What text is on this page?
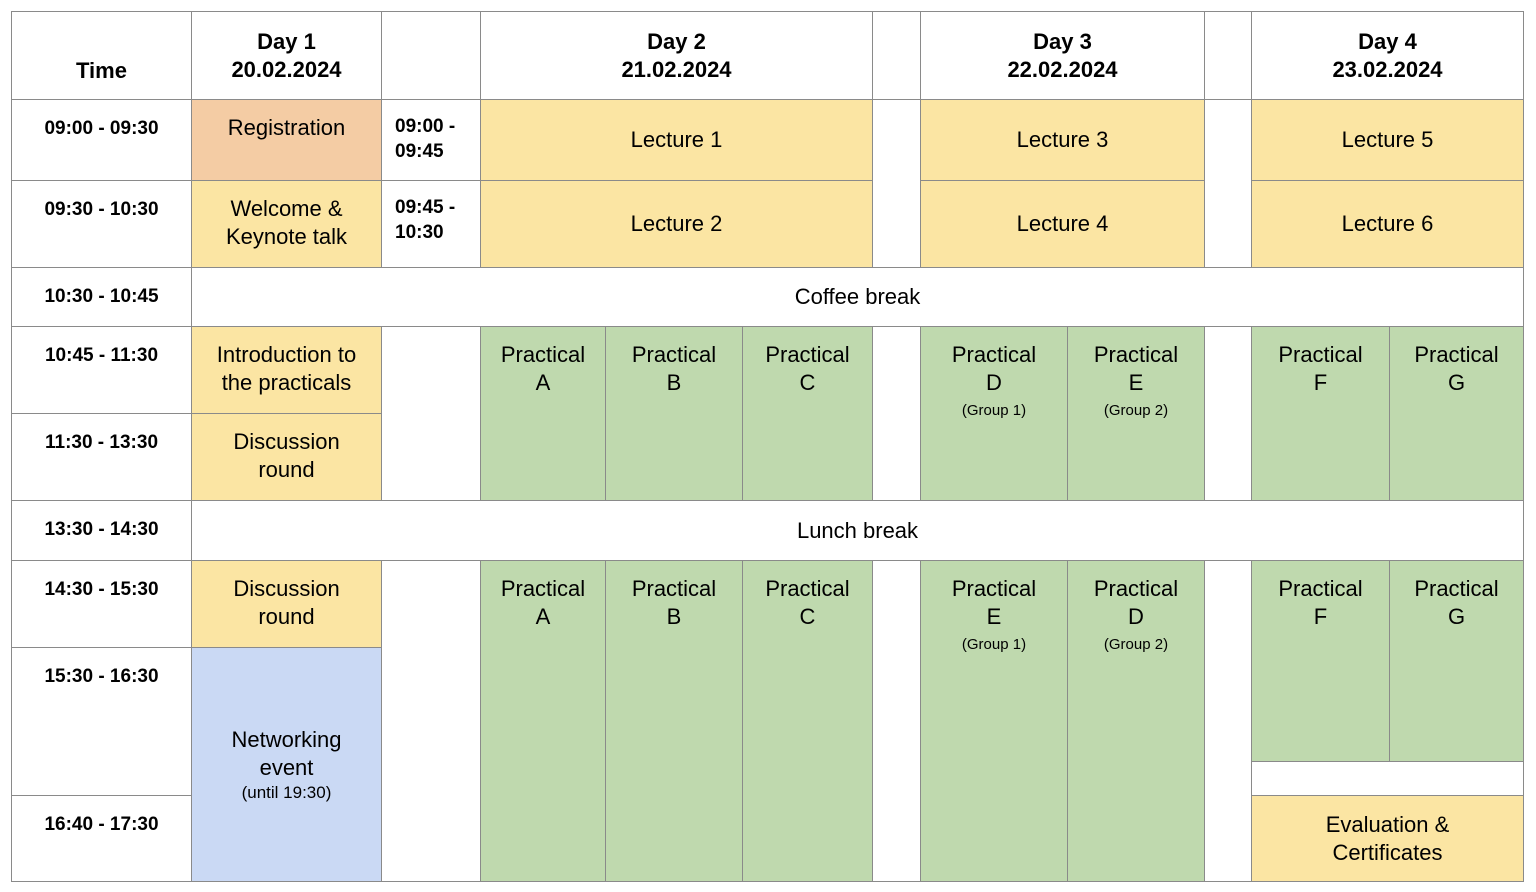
Time
Day 1
20.02.2024
Day 2
21.02.2024
Day 3
22.02.2024
Day 4
23.02.2024
09:00 - 09:30
09:30 - 10:30
10:30 - 10:45
10:45 - 11:30
11:30 - 13:30
13:30 - 14:30
14:30 - 15:30
15:30 - 16:30
16:40 - 17:30
Registration
Welcome &
Keynote talk
Introduction to
the practicals
Discussion
round
Discussion
round
Networking
event
(until 19:30)
09:00 -
09:45
09:45 -
10:30
Lecture 1
Lecture 2
Lecture 3
Lecture 4
Lecture 5
Lecture 6
Coffee break
Lunch break
Practical
A
Practical
B
Practical
C
Practical
D
(Group 1)
Practical
E
(Group 2)
Practical
F
Practical
G
Practical
A
Practical
B
Practical
C
Practical
E
(Group 1)
Practical
D
(Group 2)
Practical
F
Practical
G
Evaluation &
Certificates
